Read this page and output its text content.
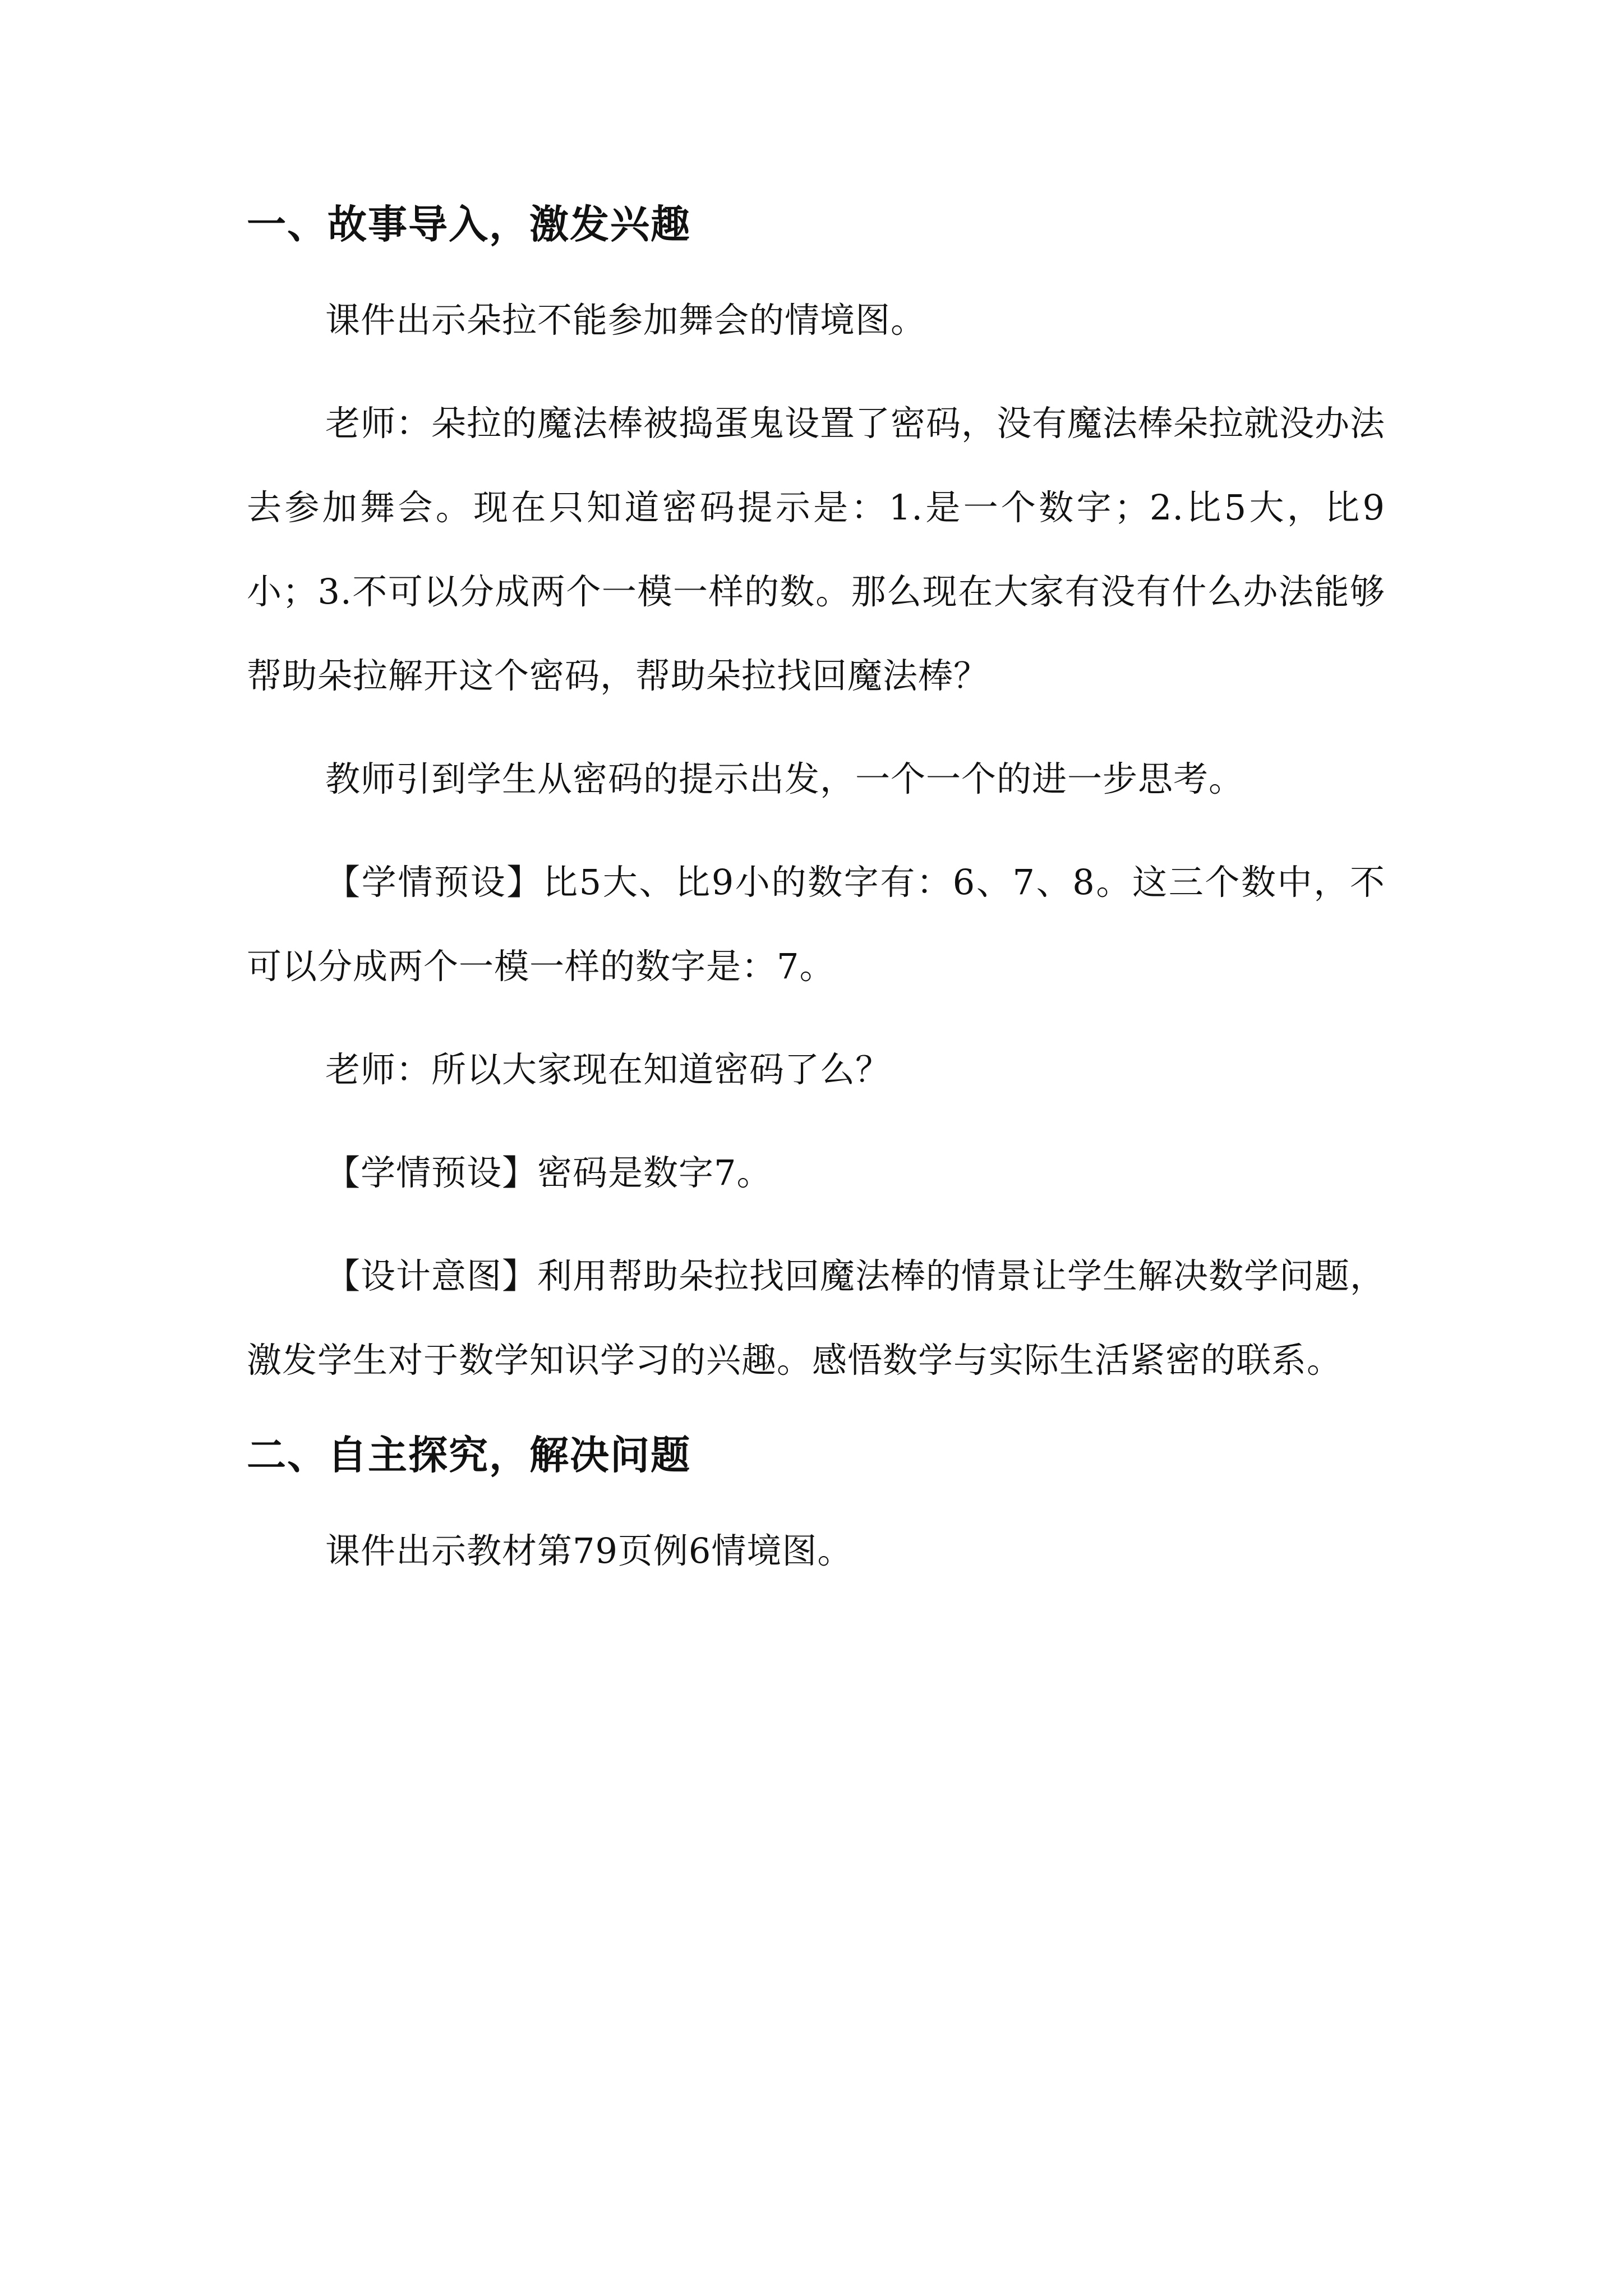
一、故事导入，激发兴趣

课件出示朵拉不能参加舞会的情境图。

老师：朵拉的魔法棒被捣蛋鬼设置了密码，没有魔法棒朵拉就没办法去参加舞会。现在只知道密码提示是：1.是一个数字；2.比5大，比9小；3.不可以分成两个一模一样的数。那么现在大家有没有什么办法能够帮助朵拉解开这个密码，帮助朵拉找回魔法棒？

教师引到学生从密码的提示出发，一个一个的进一步思考。

【学情预设】比5大、比9小的数字有：6、7、8。这三个数中，不可以分成两个一模一样的数字是：7。

老师：所以大家现在知道密码了么？

【学情预设】密码是数字7。

【设计意图】利用帮助朵拉找回魔法棒的情景让学生解决数学问题，激发学生对于数学知识学习的兴趣。感悟数学与实际生活紧密的联系。

二、自主探究，解决问题

课件出示教材第79页例6情境图。
